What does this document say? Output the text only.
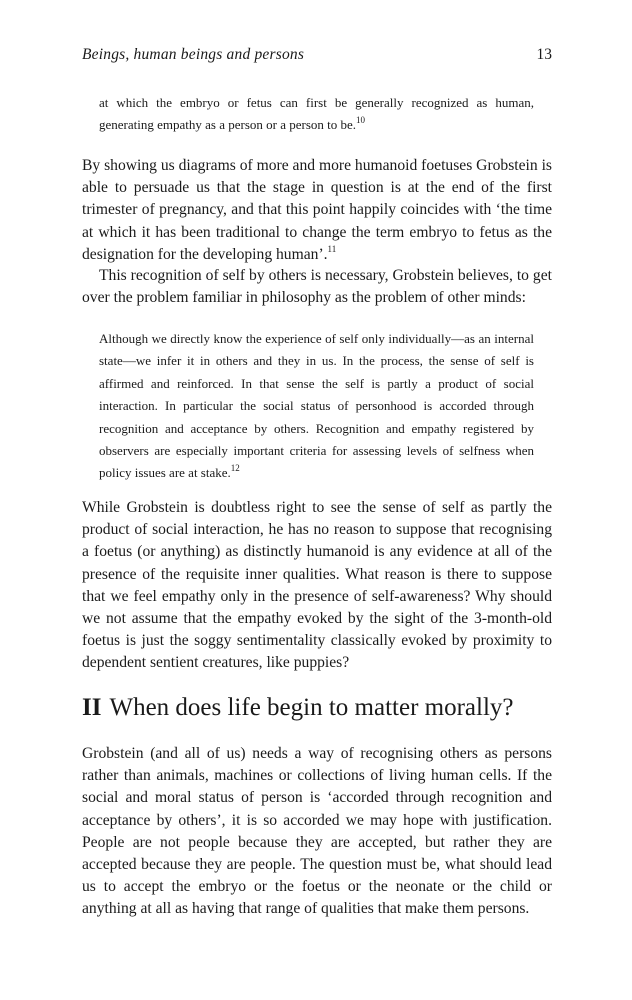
Beings, human beings and persons	13
at which the embryo or fetus can first be generally recognized as human, generating empathy as a person or a person to be.$^{10}$
By showing us diagrams of more and more humanoid foetuses Grobstein is able to persuade us that the stage in question is at the end of the first trimester of pregnancy, and that this point happily coincides with ‘the time at which it has been traditional to change the term embryo to fetus as the designation for the developing human’.$^{11}$
This recognition of self by others is necessary, Grobstein believes, to get over the problem familiar in philosophy as the problem of other minds:
Although we directly know the experience of self only individually—as an internal state—we infer it in others and they in us. In the process, the sense of self is affirmed and reinforced. In that sense the self is partly a product of social interaction. In particular the social status of personhood is accorded through recognition and acceptance by others. Recognition and empathy registered by observers are especially important criteria for assessing levels of selfness when policy issues are at stake.$^{12}$
While Grobstein is doubtless right to see the sense of self as partly the product of social interaction, he has no reason to suppose that recognising a foetus (or anything) as distinctly humanoid is any evidence at all of the presence of the requisite inner qualities. What reason is there to suppose that we feel empathy only in the presence of self-awareness? Why should we not assume that the empathy evoked by the sight of the 3-month-old foetus is just the soggy sentimentality classically evoked by proximity to dependent sentient creatures, like puppies?
II When does life begin to matter morally?
Grobstein (and all of us) needs a way of recognising others as persons rather than animals, machines or collections of living human cells. If the social and moral status of person is ‘accorded through recognition and acceptance by others’, it is so accorded we may hope with justification. People are not people because they are accepted, but rather they are accepted because they are people. The question must be, what should lead us to accept the embryo or the foetus or the neonate or the child or anything at all as having that range of qualities that make them persons.
